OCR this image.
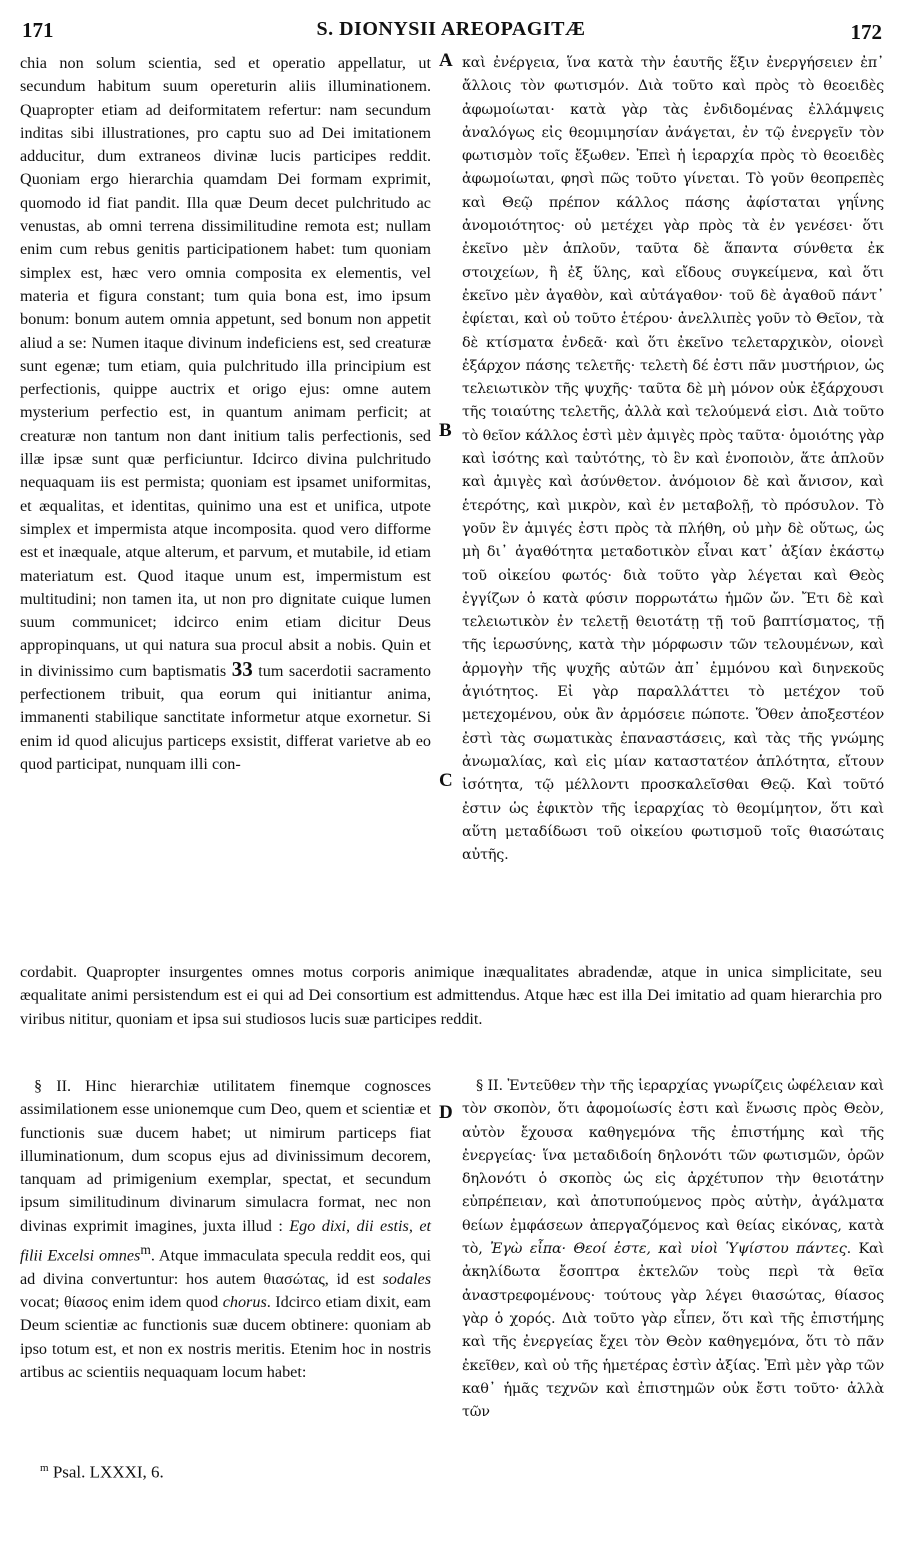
171	S. DIONYSII AREOPAGITÆ	172
A
B
C
D

chia non solum scientia, sed et operatio appellatur, ut secundum habitum suum opereturin aliis illuminationem. Quapropter etiam ad deiformitatem refertur: nam secundum inditas sibi illustrationes, pro captu suo ad Dei imitationem adducitur, dum extraneos divinæ lucis participes reddit. Quoniam ergo hierarchia quamdam Dei formam exprimit, quomodo id fiat pandit. Illa quæ Deum decet pulchritudo ac venustas, ab omni terrena dissimilitudine remota est; nullam enim cum rebus genitis participationem habet: tum quoniam simplex est, hæc vero omnia composita ex elementis, vel materia et figura constant; tum quia bona est, imo ipsum bonum: bonum autem omnia appetunt, sed bonum non appetit aliud a se: Numen itaque divinum indeficiens est, sed creaturæ sunt egenæ; tum etiam, quia pulchritudo illa principium est perfectionis, quippe auctrix et origo ejus: omne autem mysterium perfectio est, in quantum animam perficit; at creaturæ non tantum non dant initium talis perfectionis, sed illæ ipsæ sunt quæ perficiuntur. Idcirco divina pulchritudo nequaquam iis est permista; quoniam est ipsamet uniformitas, et æqualitas, et identitas, quinimo una est et unifica, utpote simplex et impermista atque incomposita. quod vero difforme est et inæquale, atque alterum, et parvum, et mutabile, id etiam materiatum est. Quod itaque unum est, impermistum est multitudini; non tamen ita, ut non pro dignitate cuique lumen suum communicet; idcirco enim etiam dicitur Deus appropinquans, ut qui natura sua procul absit a nobis. Quin et in divinissimo cum baptismatis 33 tum sacerdotii sacramento perfectionem tribuit, qua eorum qui initiantur anima, immanenti stabilique sanctitate informetur atque exornetur. Si enim id quod alicujus particeps exsistit, differat varietve ab eo quod participat, nunquam illi con-

καὶ ἐνέργεια, ἵνα κατὰ τὴν ἑαυτῆς ἕξιν ἐνεργήσειεν ἐπ᾿ ἄλλοις τὸν φωτισμόν. Διὰ τοῦτο καὶ πρὸς τὸ θεοειδὲς ἀφωμοίωται· κατὰ γὰρ τὰς ἐνδιδομένας ἐλλάμψεις ἀναλόγως εἰς θεομιμησίαν ἀνάγεται, ἐν τῷ ἐνεργεῖν τὸν φωτισμὸν τοῖς ἔξωθεν. Ἐπεὶ ἡ ἱεραρχία πρὸς τὸ θεοειδὲς ἀφωμοίωται, φησὶ πῶς τοῦτο γίνεται. Τὸ γοῦν θεοπρεπὲς καὶ Θεῷ πρέπον κάλλος πάσης ἀφίσταται γηΐνης ἀνομοιότητος· οὐ μετέχει γὰρ πρὸς τὰ ἐν γενέσει· ὅτι ἐκεῖνο μὲν ἁπλοῦν, ταῦτα δὲ ἅπαντα σύνθετα ἐκ στοιχείων, ἢ ἐξ ὕλης, καὶ εἴδους συγκείμενα, καὶ ὅτι ἐκεῖνο μὲν ἀγαθὸν, καὶ αὐτάγαθον· τοῦ δὲ ἀγαθοῦ πάντ᾿ ἐφίεται, καὶ οὐ τοῦτο ἑτέρου· ἀνελλιπὲς γοῦν τὸ Θεῖον, τὰ δὲ κτίσματα ἐνδεᾶ· καὶ ὅτι ἐκεῖνο τελεταρχικὸν, οἱονεὶ ἐξάρχον πάσης τελετῆς· τελετὴ δέ ἐστι πᾶν μυστήριον, ὡς τελειωτικὸν τῆς ψυχῆς· ταῦτα δὲ μὴ μόνον οὐκ ἐξάρχουσι τῆς τοιαύτης τελετῆς, ἀλλὰ καὶ τελούμενά εἰσι. Διὰ τοῦτο τὸ θεῖον κάλλος ἐστὶ μὲν ἀμιγὲς πρὸς ταῦτα· ὁμοιότης γὰρ καὶ ἰσότης καὶ ταὐτότης, τὸ ἓν καὶ ἑνοποιὸν, ἅτε ἁπλοῦν καὶ ἀμιγὲς καὶ ἀσύνθετον. ἀνόμοιον δὲ καὶ ἄνισον, καὶ ἑτερότης, καὶ μικρὸν, καὶ ἐν μεταβολῇ, τὸ πρόσυλον. Τὸ γοῦν ἓν ἀμιγές ἐστι πρὸς τὰ πλήθη, οὐ μὴν δὲ οὕτως, ὡς μὴ δι᾿ ἀγαθότητα μεταδοτικὸν εἶναι κατ᾿ ἀξίαν ἑκάστῳ τοῦ οἰκείου φωτός· διὰ τοῦτο γὰρ λέγεται καὶ Θεὸς ἐγγίζων ὁ κατὰ φύσιν πορρωτάτω ἡμῶν ὤν. Ἔτι δὲ καὶ τελειωτικὸν ἐν τελετῇ θειοτάτῃ τῇ τοῦ βαπτίσματος, τῇ τῆς ἱερωσύνης, κατὰ τὴν μόρφωσιν τῶν τελουμένων, καὶ ἁρμογὴν τῆς ψυχῆς αὐτῶν ἀπ᾿ ἐμμόνου καὶ διηνεκοῦς ἁγιότητος. Εἰ γὰρ παραλλάττει τὸ μετέχον τοῦ μετεχομένου, οὐκ ἂν ἁρμόσειε πώποτε. Ὅθεν ἀποξεστέον ἐστὶ τὰς σωματικὰς ἐπαναστάσεις, καὶ τὰς τῆς γνώμης ἀνωμαλίας, καὶ εἰς μίαν καταστατέον ἁπλότητα, εἴτουν ἰσότητα, τῷ μέλλοντι προσκαλεῖσθαι Θεῷ. Καὶ τοῦτό ἐστιν ὡς ἐφικτὸν τῆς ἱεραρχίας τὸ θεομίμητον, ὅτι καὶ αὕτη μεταδίδωσι τοῦ οἰκείου φωτισμοῦ τοῖς θιασώταις αὐτῆς.

cordabit. Quapropter insurgentes omnes motus corporis animique inæqualitates abradendæ, atque in unica simplicitate, seu æqualitate animi persistendum est ei qui ad Dei consortium est admittendus. Atque hæc est illa Dei imitatio ad quam hierarchia pro viribus nititur, quoniam et ipsa sui studiosos lucis suæ participes reddit.

§ II. Hinc hierarchiæ utilitatem finemque cognosces assimilationem esse unionemque cum Deo, quem et scientiæ et functionis suæ ducem habet; ut nimirum particeps fiat illuminationum, dum scopus ejus ad divinissimum decorem, tanquam ad primigenium exemplar, spectat, et secundum ipsum similitudinum divinarum simulacra format, nec non divinas exprimit imagines, juxta illud : Ego dixi, dii estis, et filii Excelsi omnes$^m$. Atque immaculata specula reddit eos, qui ad divina convertuntur: hos autem θιασώτας, id est sodales vocat; θίασος enim idem quod chorus. Idcirco etiam dixit, eam Deum scientiæ ac functionis suæ ducem obtinere: quoniam ab ipso totum est, et non ex nostris meritis. Etenim hoc in nostris artibus ac scientiis nequaquam locum habet:

§ II. Ἐντεῦθεν τὴν τῆς ἱεραρχίας γνωρίζεις ὠφέλειαν καὶ τὸν σκοπὸν, ὅτι ἀφομοίωσίς ἐστι καὶ ἕνωσις πρὸς Θεὸν, αὐτὸν ἔχουσα καθηγεμόνα τῆς ἐπιστήμης καὶ τῆς ἐνεργείας· ἵνα μεταδιδοίη δηλονότι τῶν φωτισμῶν, ὁρῶν δηλονότι ὁ σκοπὸς ὡς εἰς ἀρχέτυπον τὴν θειοτάτην εὐπρέπειαν, καὶ ἀποτυπούμενος πρὸς αὐτὴν, ἀγάλματα θείων ἐμφάσεων ἀπεργαζόμενος καὶ θείας εἰκόνας, κατὰ τὸ, Ἐγὼ εἶπα· Θεοί ἐστε, καὶ υἱοὶ Ὑψίστου πάντες. Καὶ ἀκηλίδωτα ἔσοπτρα ἐκτελῶν τοὺς περὶ τὰ θεῖα ἀναστρεφομένους· τούτους γὰρ λέγει θιασώτας, θίασος γὰρ ὁ χορός. Διὰ τοῦτο γὰρ εἶπεν, ὅτι καὶ τῆς ἐπιστήμης καὶ τῆς ἐνεργείας ἔχει τὸν Θεὸν καθηγεμόνα, ὅτι τὸ πᾶν ἐκεῖθεν, καὶ οὐ τῆς ἡμετέρας ἐστὶν ἀξίας. Ἐπὶ μὲν γὰρ τῶν καθ᾿ ἡμᾶς τεχνῶν καὶ ἐπιστημῶν οὐκ ἔστι τοῦτο· ἀλλὰ τῶν

$^m$ Psal. LXXXI, 6.
